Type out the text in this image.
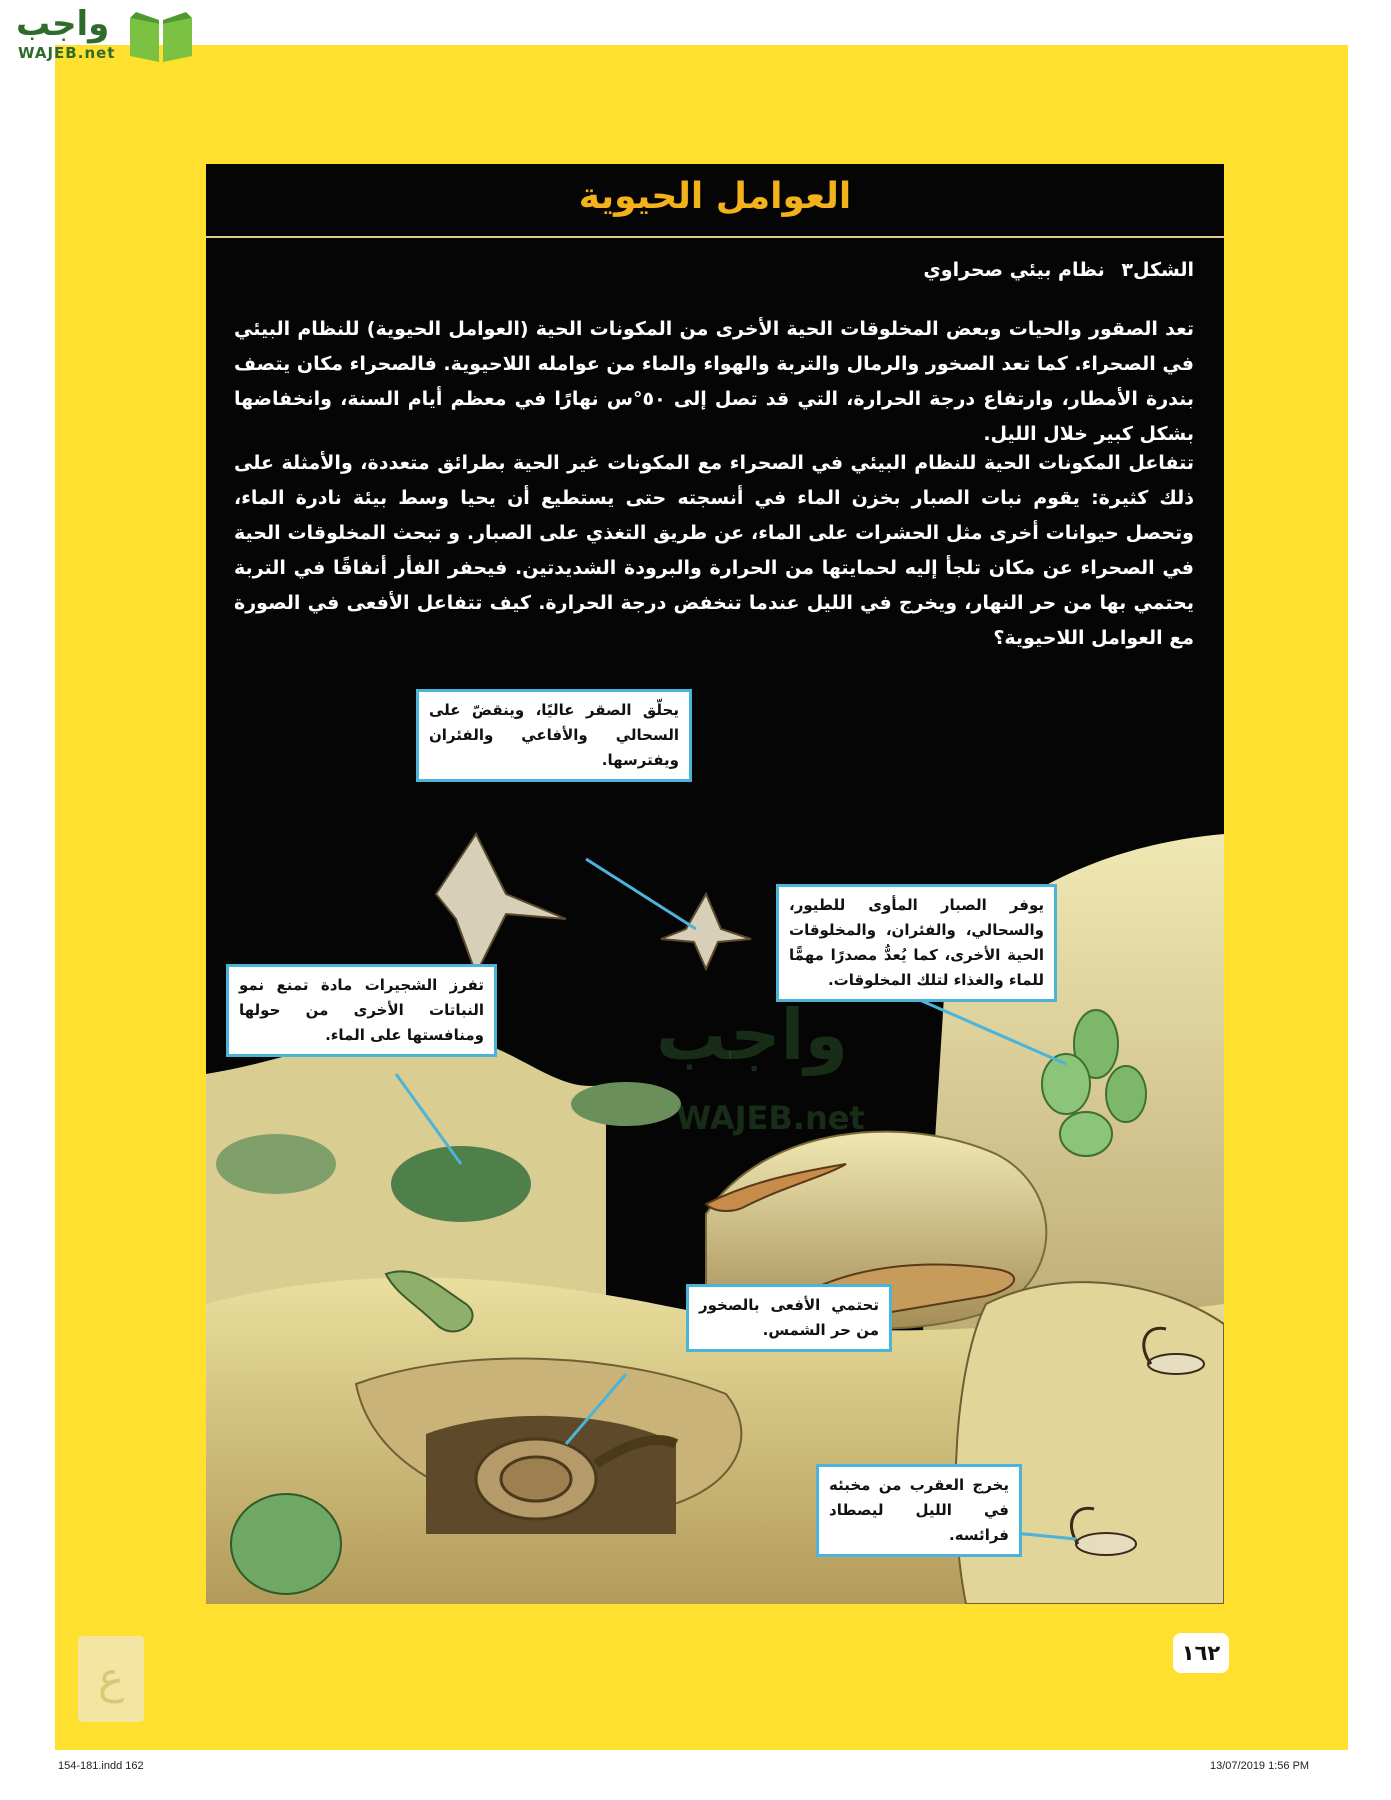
واجب
WAJEB.net
العوامل الحيوية
الشكل٣ نظام بيئي صحراوي

تعد الصقور والحيات وبعض المخلوقات الحية الأخرى من المكونات الحية (العوامل الحيوية) للنظام البيئي في الصحراء. كما تعد الصخور والرمال والتربة والهواء والماء من عوامله اللاحيوية. فالصحراء مكان يتصف بندرة الأمطار، وارتفاع درجة الحرارة، التي قد تصل إلى ٥٠°س نهارًا في معظم أيام السنة، وانخفاضها بشكل كبير خلال الليل.

تتفاعل المكونات الحية للنظام البيئي في الصحراء مع المكونات غير الحية بطرائق متعددة، والأمثلة على ذلك كثيرة: يقوم نبات الصبار بخزن الماء في أنسجته حتى يستطيع أن يحيا وسط بيئة نادرة الماء، وتحصل حيوانات أخرى مثل الحشرات على الماء، عن طريق التغذي على الصبار. و تبحث المخلوقات الحية في الصحراء عن مكان تلجأ إليه لحمايتها من الحرارة والبرودة الشديدتين. فيحفر الفأر أنفاقًا في التربة يحتمي بها من حر النهار، ويخرج في الليل عندما تنخفض درجة الحرارة. كيف تتفاعل الأفعى في الصورة مع العوامل اللاحيوية؟

يحلّق الصقر عاليًا، وينقضّ على السحالي والأفاعي والفئران ويفترسها.
يوفر الصبار المأوى للطيور، والسحالي، والفئران، والمخلوقات الحية الأخرى، كما يُعدُّ مصدرًا مهمًّا للماء والغذاء لتلك المخلوقات.
تفرز الشجيرات مادة تمنع نمو النباتات الأخرى من حولها ومنافستها على الماء.
تحتمي الأفعى بالصخور من حر الشمس.
يخرج العقرب من مخبئه في الليل ليصطاد فرائسه.
واجب
WAJEB.net
١٦٢
ع
154-181.indd 162	13/07/2019 1:56 PM
